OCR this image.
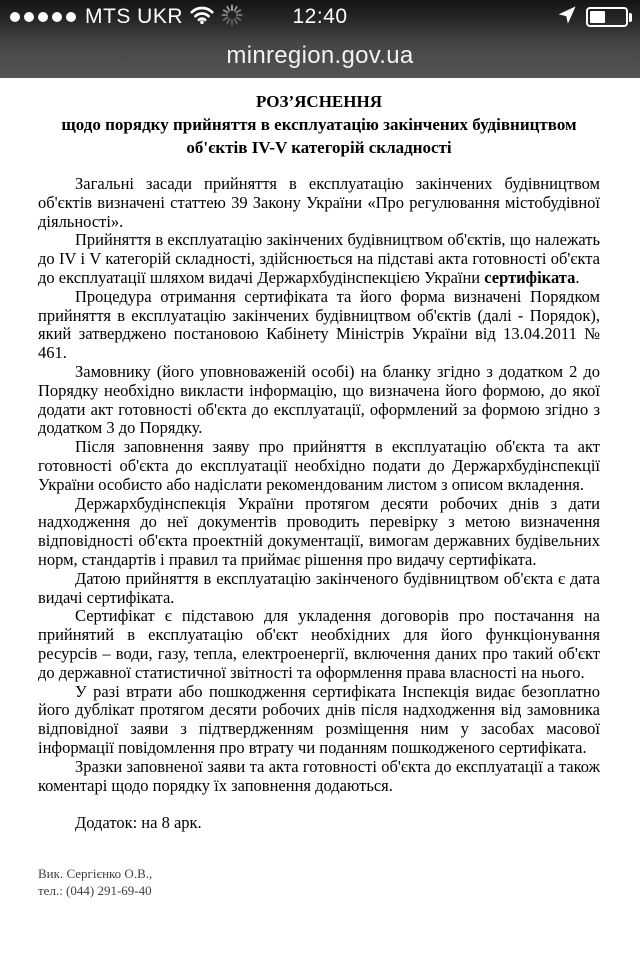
MTS UKR	12:40
minregion.gov.ua
РОЗ’ЯСНЕННЯ
щодо порядку прийняття в експлуатацію закінчених будівництвом
об'єктів IV-V категорій складності

Загальні засади прийняття в експлуатацію закінчених будівництвом об'єктів визначені статтею 39 Закону України «Про регулювання містобудівної діяльності».

Прийняття в експлуатацію закінчених будівництвом об'єктів, що належать до IV і V категорій складності, здійснюється на підставі акта готовності об'єкта до експлуатації шляхом видачі Держархбудінспекцією України сертифіката.

Процедура отримання сертифіката та його форма визначені Порядком прийняття в експлуатацію закінчених будівництвом об'єктів (далі - Порядок), який затверджено постановою Кабінету Міністрів України від 13.04.2011 № 461.

Замовнику (його уповноваженій особі) на бланку згідно з додатком 2 до Порядку необхідно викласти інформацію, що визначена його формою, до якої додати акт готовності об'єкта до експлуатації, оформлений за формою згідно з додатком 3 до Порядку.

Після заповнення заяву про прийняття в експлуатацію об'єкта та акт готовності об'єкта до експлуатації необхідно подати до Держархбудінспекції України особисто або надіслати рекомендованим листом з описом вкладення.

Держархбудінспекція України протягом десяти робочих днів з дати надходження до неї документів проводить перевірку з метою визначення відповідності об'єкта проектній документації, вимогам державних будівельних норм, стандартів і правил та приймає рішення про видачу сертифіката.

Датою прийняття в експлуатацію закінченого будівництвом об'єкта є дата видачі сертифіката.

Сертифікат є підставою для укладення договорів про постачання на прийнятий в експлуатацію об'єкт необхідних для його функціонування ресурсів – води, газу, тепла, електроенергії, включення даних про такий об'єкт до державної статистичної звітності та оформлення права власності на нього.

У разі втрати або пошкодження сертифіката Інспекція видає безоплатно його дублікат протягом десяти робочих днів після надходження від замовника відповідної заяви з підтвердженням розміщення ним у засобах масової інформації повідомлення про втрату чи поданням пошкодженого сертифіката.

Зразки заповненої заяви та акта готовності об'єкта до експлуатації а також коментарі щодо порядку їх заповнення додаються.

Додаток: на 8 арк.

Вик. Сергієнко О.В.,
тел.: (044) 291-69-40
